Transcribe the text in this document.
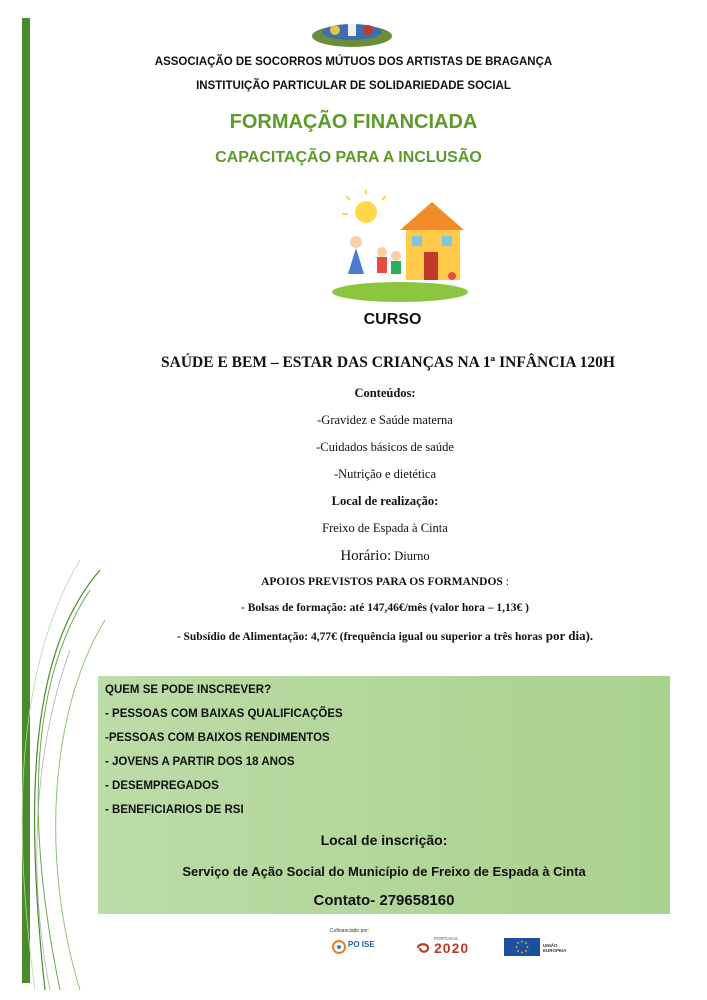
ASSOCIAÇÃO DE SOCORROS MÚTUOS DOS ARTISTAS DE BRAGANÇA
INSTITUIÇÃO PARTICULAR DE SOLIDARIEDADE SOCIAL
FORMAÇÃO FINANCIADA
CAPACITAÇÃO PARA A INCLUSÃO
CURSO
SAÚDE E BEM – ESTAR DAS CRIANÇAS NA 1ª INFÂNCIA 120H
Conteúdos:
-Gravidez e Saúde materna
-Cuidados básicos de saúde
-Nutrição e dietética
Local de realização:
Freixo de Espada à Cinta
Horário: Diurno
APOIOS PREVISTOS PARA OS FORMANDOS :
- Bolsas de formação: até 147,46€/mês (valor hora – 1,13€ )
- Subsídio de Alimentação: 4,77€ (frequência igual ou superior a três horas por dia).
QUEM SE PODE INSCREVER?
- PESSOAS COM BAIXAS QUALIFICAÇÕES
-PESSOAS COM BAIXOS RENDIMENTOS
- JOVENS A PARTIR DOS 18 ANOS
- DESEMPREGADOS
- BENEFICIARIOS DE RSI
Local de inscrição:
Serviço de Ação Social do Município de Freixo de Espada à Cinta
Contato- 279658160
Cofinanciado por:
PO ISE
PORTUGAL
2020	UNIÃO EUROPEIA
